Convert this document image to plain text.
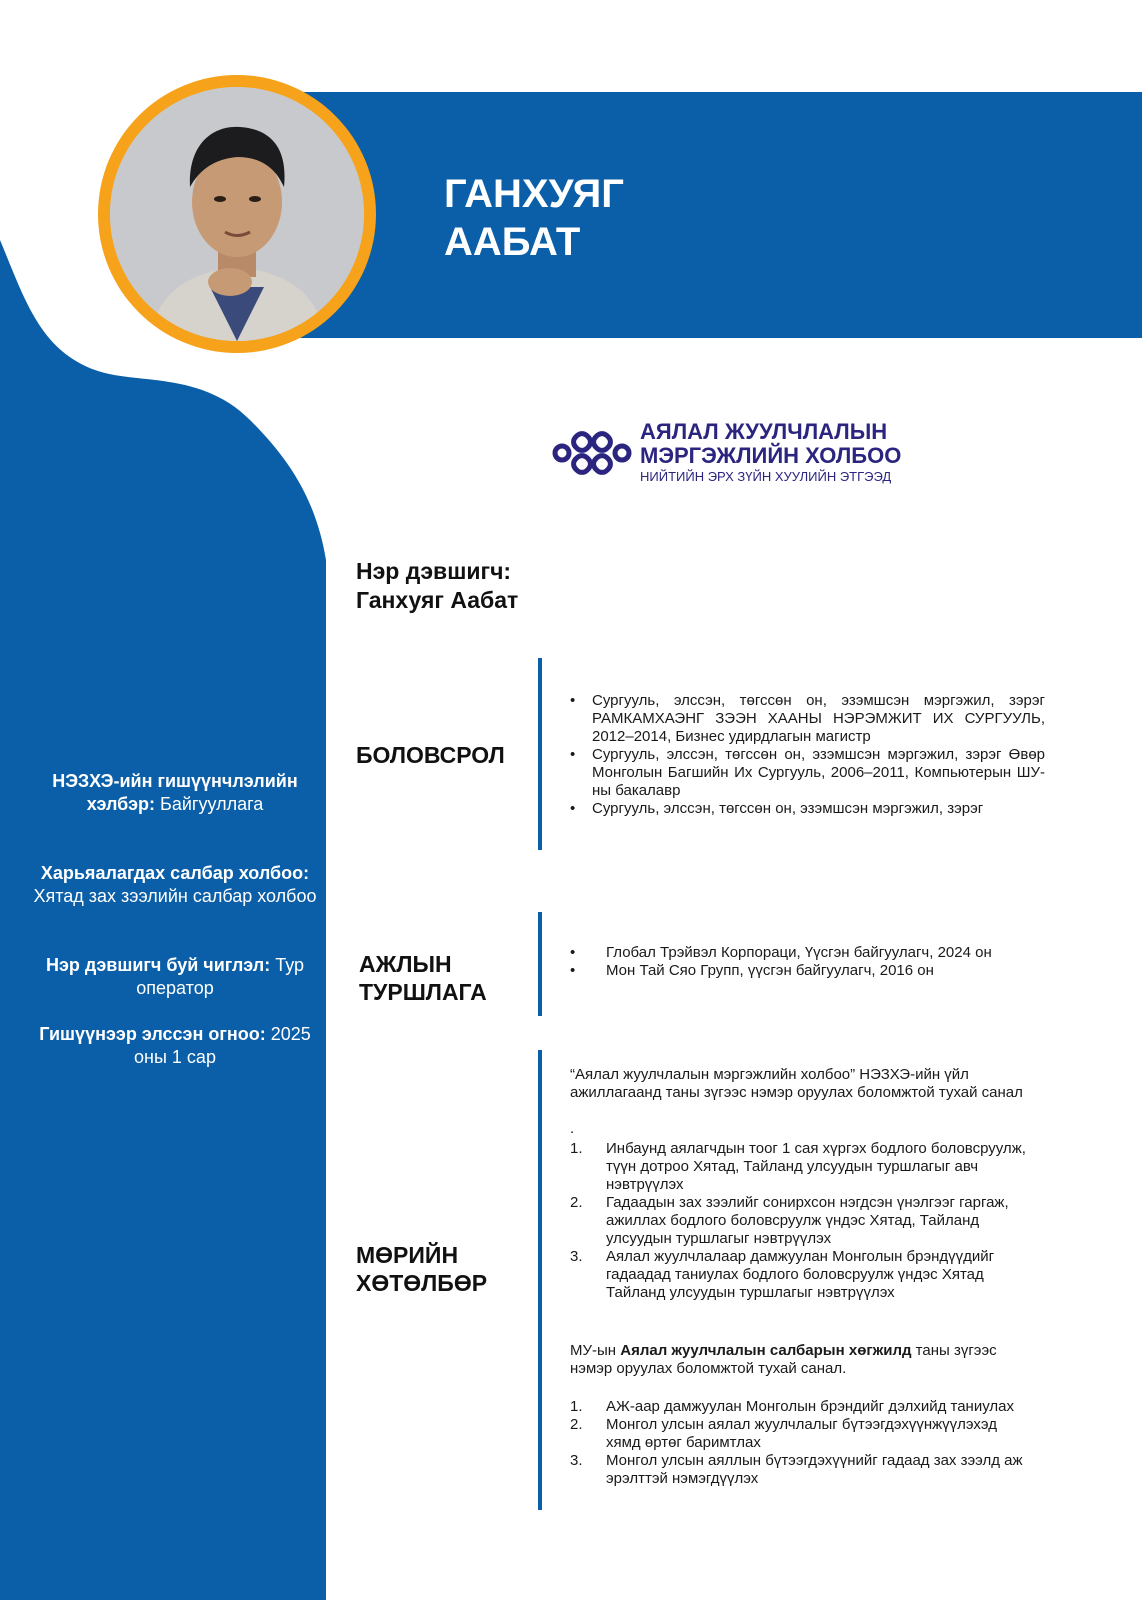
ГАНХУЯГ
ААБАТ
АЯЛАЛ ЖУУЛЧЛАЛЫН
МЭРГЭЖЛИЙН ХОЛБОО
НИЙТИЙН ЭРХ ЗҮЙН ХУУЛИЙН ЭТГЭЭД
Нэр дэвшигч:
Ганхуяг Аабат
НЭЗХЭ-ийн гишүүнчлэлийн хэлбэр: Байгууллага
Харьяалагдах салбар холбоо: Хятад зах зээлийн салбар холбоо
Нэр дэвшигч буй чиглэл: Тур оператор
Гишүүнээр элссэн огноо: 2025 оны 1 сар
БОЛОВСРОЛ
• Сургууль, элссэн, төгссөн он, эзэмшсэн мэргэжил, зэрэг РАМКАМХАЭНГ ЗЭЭН ХААНЫ НЭРЭМЖИТ ИХ СУРГУУЛЬ, 2012–2014, Бизнес удирдлагын магистр
• Сургууль, элссэн, төгссөн он, эзэмшсэн мэргэжил, зэрэг Өвөр Монголын Багшийн Их Сургууль, 2006–2011, Компьютерын ШУ-ны бакалавр
• Сургууль, элссэн, төгссөн он, эзэмшсэн мэргэжил, зэрэг
АЖЛЫН
ТУРШЛАГА
• Глобал Трэйвэл Корпораци, Үүсгэн байгуулагч, 2024 он
• Мон Тай Сяо Групп, үүсгэн байгуулагч, 2016 он
МӨРИЙН
ХӨТӨЛБӨР

“Аялал жуулчлалын мэргэжлийн холбоо” НЭЗХЭ-ийн үйл ажиллагаанд таны зүгээс нэмэр оруулах боломжтой тухай санал

.

1. Инбаунд аялагчдын тоог 1 сая хүргэх бодлого боловсруулж, түүн дотроо Хятад, Тайланд улсуудын туршлагыг авч нэвтрүүлэх
2. Гадаадын зах зээлийг сонирхсон нэгдсэн үнэлгээг гаргаж, ажиллах бодлого боловсруулж үндэс Хятад, Тайланд улсуудын туршлагыг нэвтрүүлэх
3. Аялал жуулчлалаар дамжуулан Монголын брэндүүдийг гадаадад таниулах бодлого боловсруулж үндэс Хятад Тайланд улсуудын туршлагыг нэвтрүүлэх

МУ-ын Аялал жуулчлалын салбарын хөгжилд таны зүгээс нэмэр оруулах боломжтой тухай санал.

1. АЖ-аар дамжуулан Монголын брэндийг дэлхийд таниулах
2. Монгол улсын аялал жуулчлалыг бүтээгдэхүүнжүүлэхэд хямд өртөг баримтлах
3. Монгол улсын аяллын бүтээгдэхүүнийг гадаад зах зээлд аж эрэлттэй нэмэгдүүлэх
